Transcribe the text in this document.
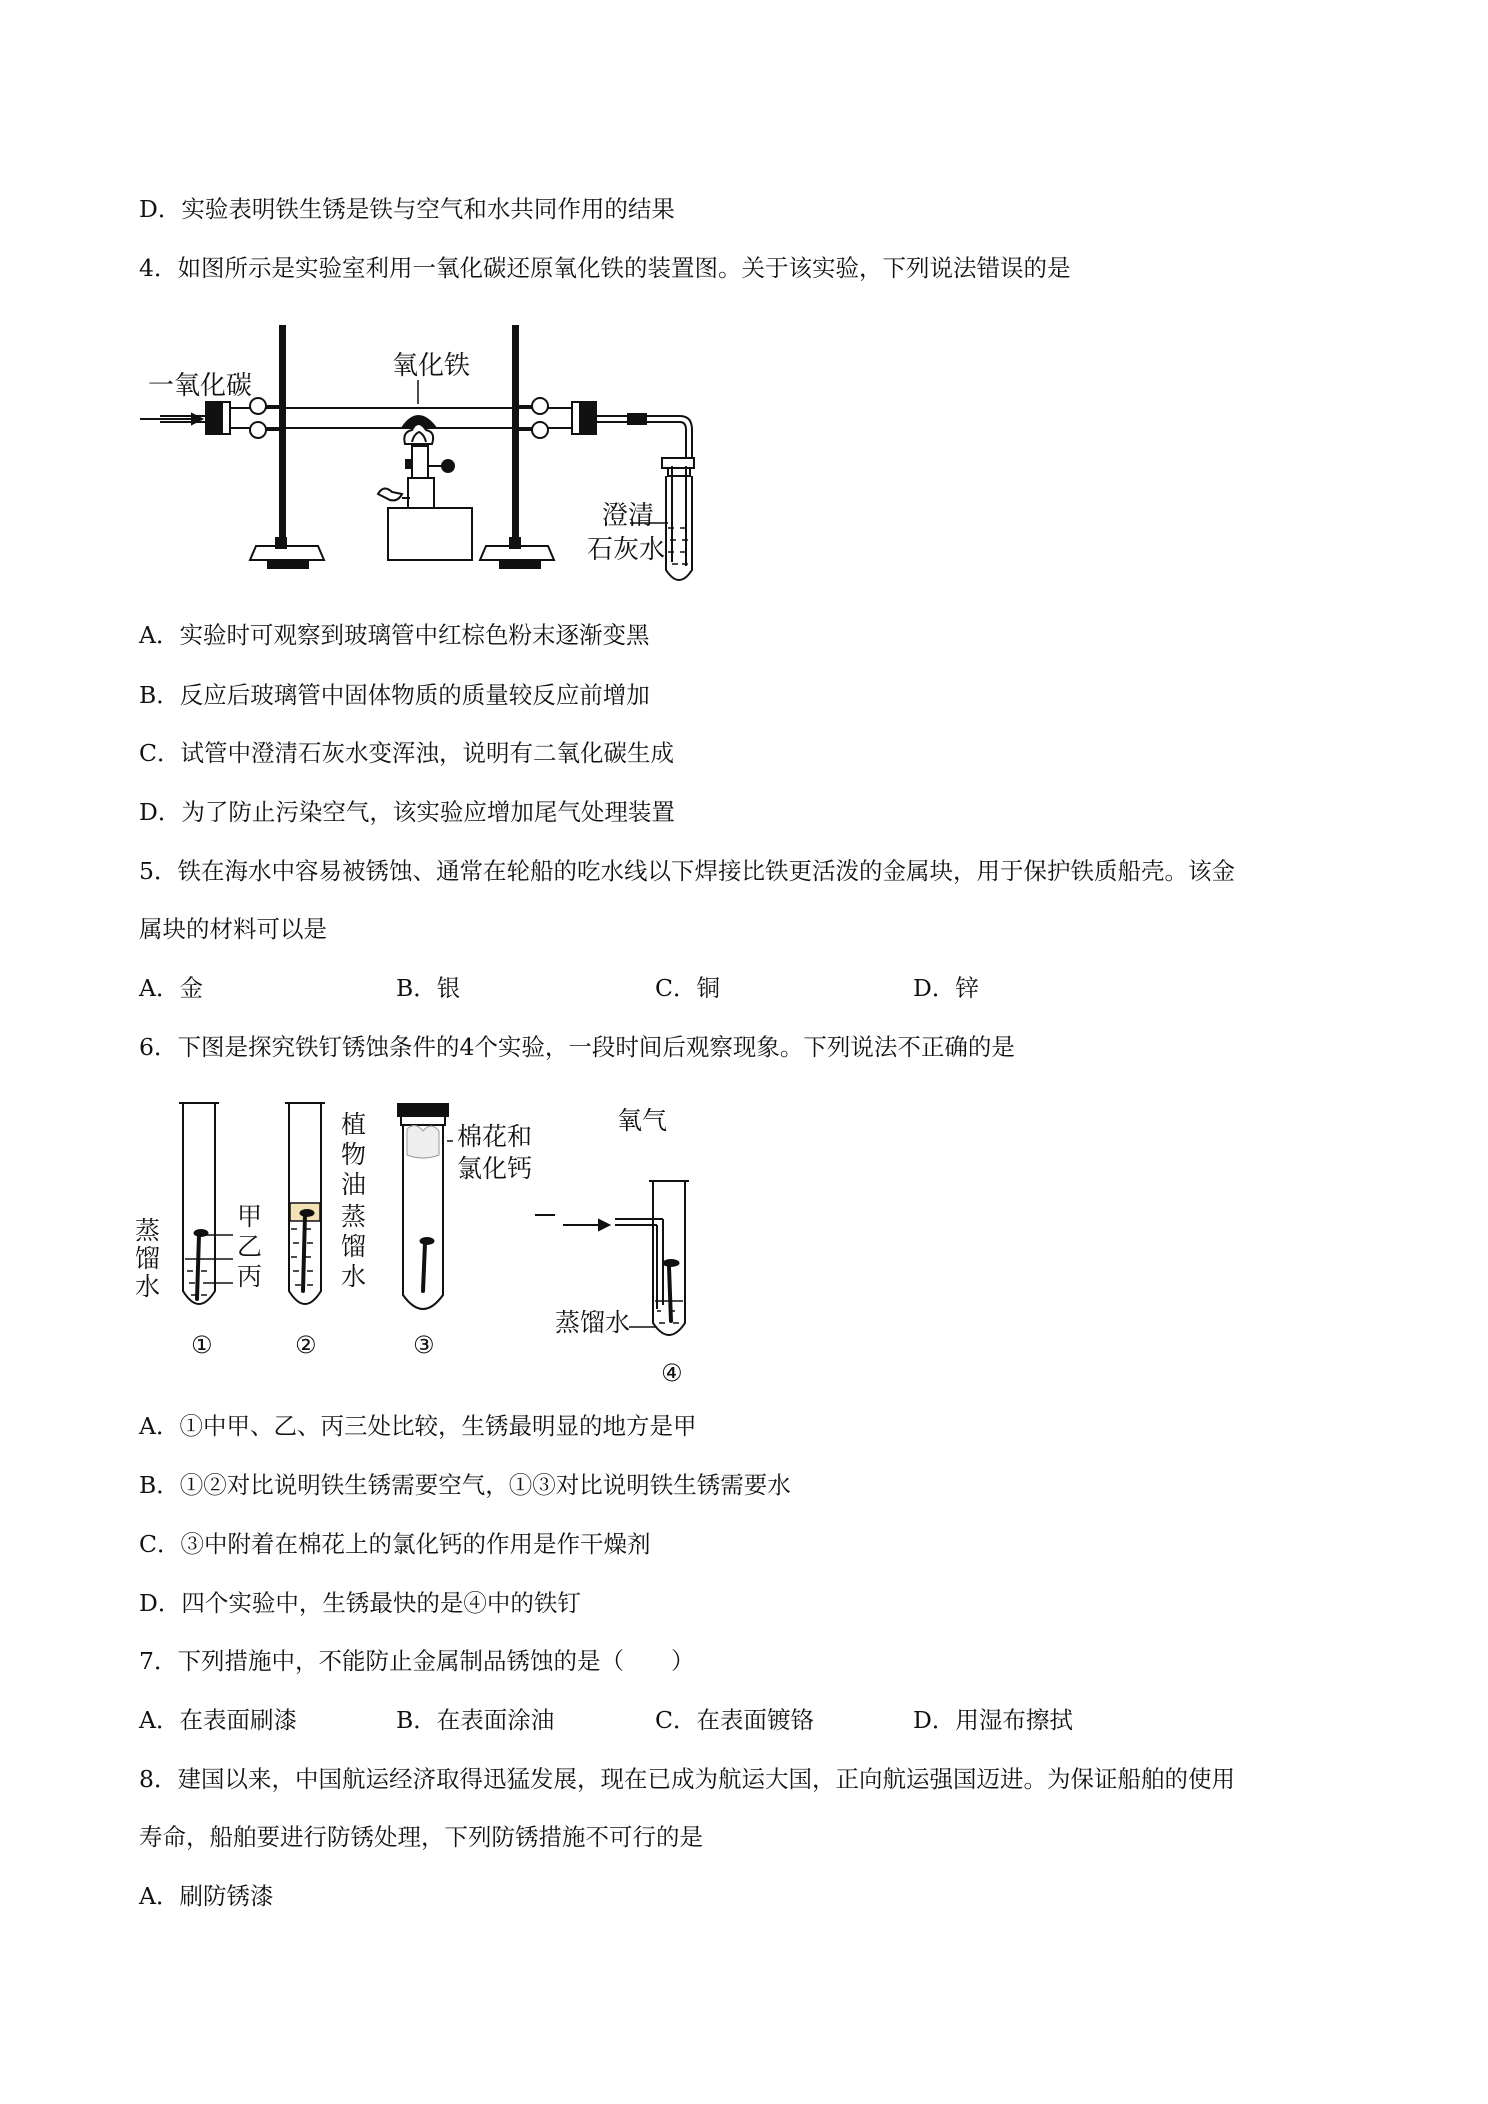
D．实验表明铁生锈是铁与空气和水共同作用的结果
4．如图所示是实验室利用一氧化碳还原氧化铁的装置图。关于该实验，下列说法错误的是
一氧化碳
氧化铁
澄清
石灰水
A．实验时可观察到玻璃管中红棕色粉末逐渐变黑
B．反应后玻璃管中固体物质的质量较反应前增加
C．试管中澄清石灰水变浑浊，说明有二氧化碳生成
D．为了防止污染空气，该实验应增加尾气处理装置
5．铁在海水中容易被锈蚀、通常在轮船的吃水线以下焊接比铁更活泼的金属块，用于保护铁质船壳。该金
属块的材料可以是
A．金	B．银	C．铜	D．锌
6．下图是探究铁钉锈蚀条件的4个实验，一段时间后观察现象。下列说法不正确的是
蒸
馏
水
甲
乙
丙
植
物
油
蒸
馏
水
棉花和
氯化钙
氧气
蒸馏水
①	②	③
④
A．①中甲、乙、丙三处比较，生锈最明显的地方是甲
B．①②对比说明铁生锈需要空气，①③对比说明铁生锈需要水
C．③中附着在棉花上的氯化钙的作用是作干燥剂
D．四个实验中，生锈最快的是④中的铁钉
7．下列措施中，不能防止金属制品锈蚀的是（　　）
A．在表面刷漆	B．在表面涂油	C．在表面镀铬	D．用湿布擦拭
8．建国以来，中国航运经济取得迅猛发展，现在已成为航运大国，正向航运强国迈进。为保证船舶的使用
寿命，船舶要进行防锈处理，下列防锈措施不可行的是
A．刷防锈漆
